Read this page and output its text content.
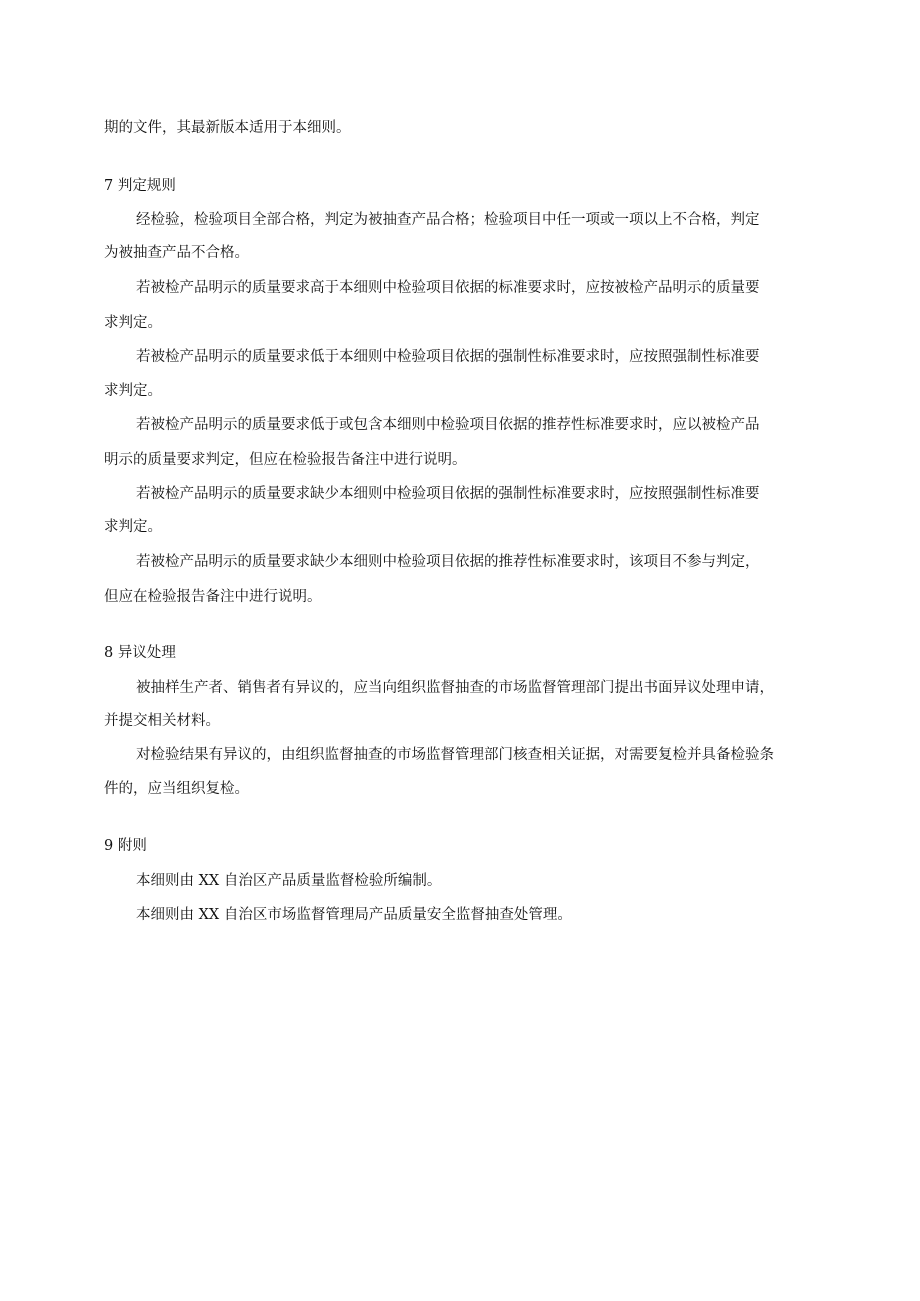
期的文件，其最新版本适用于本细则。
7 判定规则
经检验，检验项目全部合格，判定为被抽查产品合格；检验项目中任一项或一项以上不合格，判定
为被抽查产品不合格。
若被检产品明示的质量要求高于本细则中检验项目依据的标准要求时，应按被检产品明示的质量要
求判定。
若被检产品明示的质量要求低于本细则中检验项目依据的强制性标准要求时，应按照强制性标准要
求判定。
若被检产品明示的质量要求低于或包含本细则中检验项目依据的推荐性标准要求时，应以被检产品
明示的质量要求判定，但应在检验报告备注中进行说明。
若被检产品明示的质量要求缺少本细则中检验项目依据的强制性标准要求时，应按照强制性标准要
求判定。
若被检产品明示的质量要求缺少本细则中检验项目依据的推荐性标准要求时，该项目不参与判定，
但应在检验报告备注中进行说明。
8 异议处理
被抽样生产者、销售者有异议的，应当向组织监督抽查的市场监督管理部门提出书面异议处理申请，
并提交相关材料。
对检验结果有异议的，由组织监督抽查的市场监督管理部门核查相关证据，对需要复检并具备检验条
件的，应当组织复检。
9 附则
本细则由 XX 自治区产品质量监督检验所编制。
本细则由 XX 自治区市场监督管理局产品质量安全监督抽查处管理。
